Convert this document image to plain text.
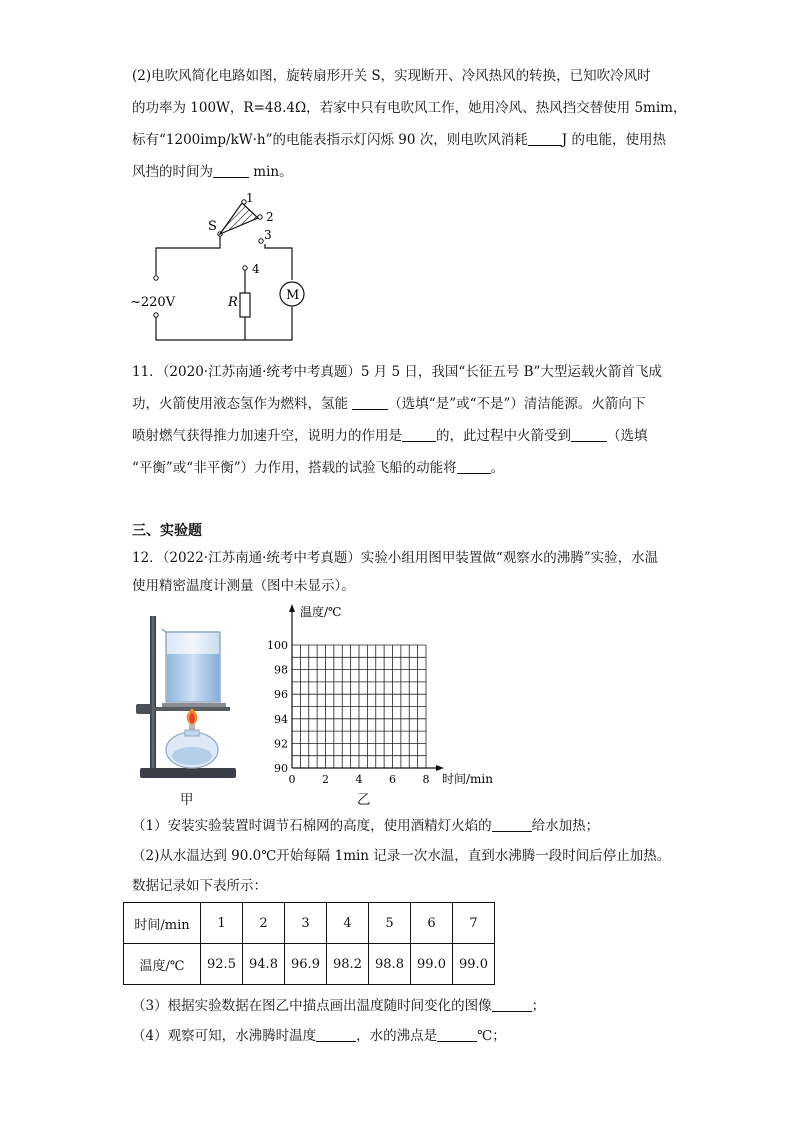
(2)电吹风简化电路如图，旋转扇形开关 S，实现断开、冷风热风的转换，已知吹冷风时
的功率为 100W，R=48.4Ω，若家中只有电吹风工作，她用冷风、热风挡交替使用 5mim，
标有“1200imp/kW·h”的电能表指示灯闪烁 90 次，则电吹风消耗	J 的电能，使用热
风挡的时间为	min。
S
1
2
3
4
R	M
~220V
11．（2020·江苏南通·统考中考真题）5 月 5 日，我国“长征五号 B”大型运载火箭首飞成
功，火箭使用液态氢作为燃料，氢能	（选填“是”或“不是”）清洁能源。火箭向下
喷射燃气获得推力加速升空，说明力的作用是	的，此过程中火箭受到	（选填
“平衡”或“非平衡”）力作用，搭载的试验飞船的动能将	。
三、实验题
12．（2022·江苏南通·统考中考真题）实验小组用图甲装置做“观察水的沸腾”实验，水温
使用精密温度计测量（图中未显示）。
甲
90
92
94
96
98
100
0 2 4 6 8
温度/℃
时间/min
乙
（1）安装实验装置时调节石棉网的高度，使用酒精灯火焰的	给水加热；
（2)从水温达到 90.0℃开始每隔 1min 记录一次水温，直到水沸腾一段时间后停止加热。
数据记录如下表所示：
时间/min	1	2	3	4	5	6	7
温度/℃	92.5	94.8	96.9	98.2	98.8	99.0	99.0
（3）根据实验数据在图乙中描点画出温度随时间变化的图像	；
（4）观察可知，水沸腾时温度	，水的沸点是	℃；
